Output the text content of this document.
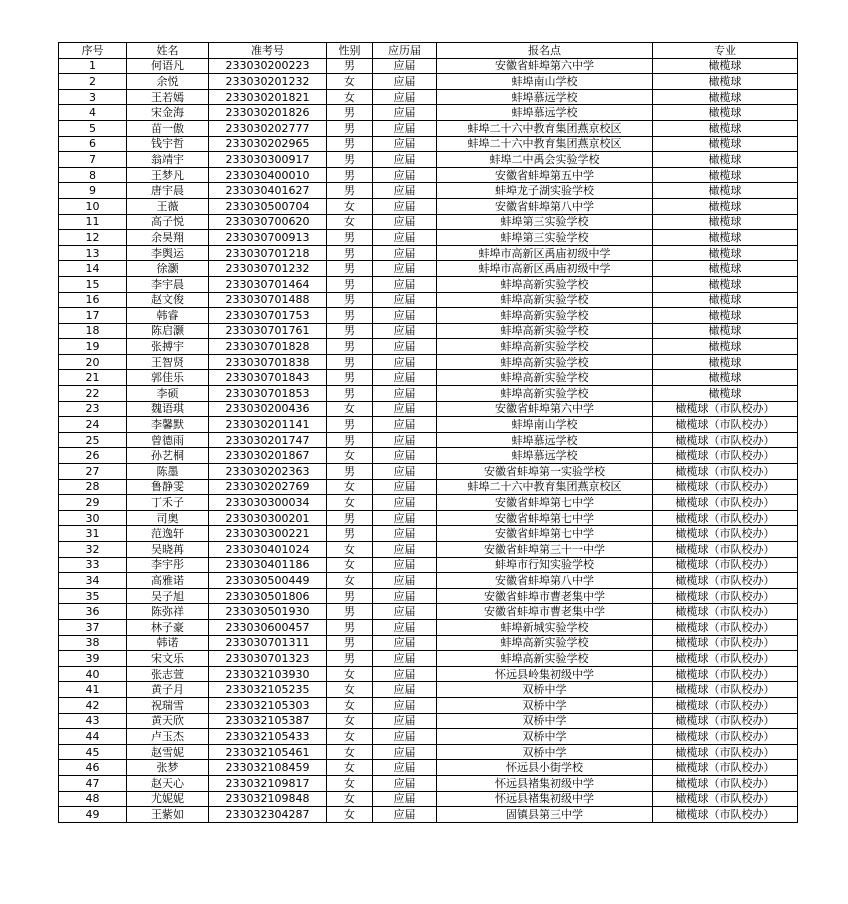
序号	姓名	准考号	性别	应历届	报名点	专业
1	何语凡	233030200223	男	应届	安徽省蚌埠第六中学	橄榄球
2	余悦	233030201232	女	应届	蚌埠南山学校	橄榄球
3	王若嫣	233030201821	女	应届	蚌埠慕远学校	橄榄球
4	宋金海	233030201826	男	应届	蚌埠慕远学校	橄榄球
5	苗一傲	233030202777	男	应届	蚌埠二十六中教育集团燕京校区	橄榄球
6	钱宇哲	233030202965	男	应届	蚌埠二十六中教育集团燕京校区	橄榄球
7	翁靖宇	233030300917	男	应届	蚌埠二中禹会实验学校	橄榄球
8	王梦凡	233030400010	男	应届	安徽省蚌埠第五中学	橄榄球
9	唐宇晨	233030401627	男	应届	蚌埠龙子湖实验学校	橄榄球
10	王薇	233030500704	女	应届	安徽省蚌埠第八中学	橄榄球
11	高子悦	233030700620	女	应届	蚌埠第三实验学校	橄榄球
12	余昊翔	233030700913	男	应届	蚌埠第三实验学校	橄榄球
13	李舆运	233030701218	男	应届	蚌埠市高新区禹庙初级中学	橄榄球
14	徐灏	233030701232	男	应届	蚌埠市高新区禹庙初级中学	橄榄球
15	李宇晨	233030701464	男	应届	蚌埠高新实验学校	橄榄球
16	赵文俊	233030701488	男	应届	蚌埠高新实验学校	橄榄球
17	韩睿	233030701753	男	应届	蚌埠高新实验学校	橄榄球
18	陈启灏	233030701761	男	应届	蚌埠高新实验学校	橄榄球
19	张搏宇	233030701828	男	应届	蚌埠高新实验学校	橄榄球
20	王智贤	233030701838	男	应届	蚌埠高新实验学校	橄榄球
21	郭佳乐	233030701843	男	应届	蚌埠高新实验学校	橄榄球
22	李硕	233030701853	男	应届	蚌埠高新实验学校	橄榄球
23	魏语琪	233030200436	女	应届	安徽省蚌埠第六中学	橄榄球（市队校办）
24	李馨默	233030201141	男	应届	蚌埠南山学校	橄榄球（市队校办）
25	曾德雨	233030201747	男	应届	蚌埠慕远学校	橄榄球（市队校办）
26	孙艺桐	233030201867	女	应届	蚌埠慕远学校	橄榄球（市队校办）
27	陈墨	233030202363	男	应届	安徽省蚌埠第一实验学校	橄榄球（市队校办）
28	鲁静雯	233030202769	女	应届	蚌埠二十六中教育集团燕京校区	橄榄球（市队校办）
29	丁禾子	233030300034	女	应届	安徽省蚌埠第七中学	橄榄球（市队校办）
30	司奥	233030300201	男	应届	安徽省蚌埠第七中学	橄榄球（市队校办）
31	范逸轩	233030300221	男	应届	安徽省蚌埠第七中学	橄榄球（市队校办）
32	吴晓苒	233030401024	女	应届	安徽省蚌埠第三十一中学	橄榄球（市队校办）
33	李宇彤	233030401186	女	应届	蚌埠市行知实验学校	橄榄球（市队校办）
34	高雅诺	233030500449	女	应届	安徽省蚌埠第八中学	橄榄球（市队校办）
35	吴子旭	233030501806	男	应届	安徽省蚌埠市曹老集中学	橄榄球（市队校办）
36	陈弥祥	233030501930	男	应届	安徽省蚌埠市曹老集中学	橄榄球（市队校办）
37	林子豪	233030600457	男	应届	蚌埠新城实验学校	橄榄球（市队校办）
38	韩诺	233030701311	男	应届	蚌埠高新实验学校	橄榄球（市队校办）
39	宋文乐	233030701323	男	应届	蚌埠高新实验学校	橄榄球（市队校办）
40	张志萱	233032103930	女	应届	怀远县岭集初级中学	橄榄球（市队校办）
41	黄子月	233032105235	女	应届	双桥中学	橄榄球（市队校办）
42	祝瑞雪	233032105303	女	应届	双桥中学	橄榄球（市队校办）
43	黄天欣	233032105387	女	应届	双桥中学	橄榄球（市队校办）
44	卢玉杰	233032105433	女	应届	双桥中学	橄榄球（市队校办）
45	赵雪妮	233032105461	女	应届	双桥中学	橄榄球（市队校办）
46	张梦	233032108459	女	应届	怀远县小街学校	橄榄球（市队校办）
47	赵天心	233032109817	女	应届	怀远县褚集初级中学	橄榄球（市队校办）
48	尤妮妮	233032109848	女	应届	怀远县褚集初级中学	橄榄球（市队校办）
49	王紫如	233032304287	女	应届	固镇县第三中学	橄榄球（市队校办）
